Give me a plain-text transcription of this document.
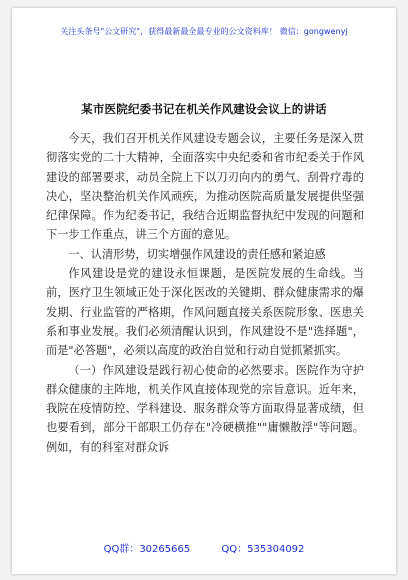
关注头条号"公文研究"，获得最新最全最专业的公文资料库！ 微信：gongwenyj
某市医院纪委书记在机关作风建设会议上的讲话

今天，我们召开机关作风建设专题会议，主要任务是深入贯彻落实党的二十大精神，全面落实中央纪委和省市纪委关于作风建设的部署要求，动员全院上下以刀刃向内的勇气、刮骨疗毒的决心，坚决整治机关作风顽疾，为推动医院高质量发展提供坚强纪律保障。作为纪委书记，我结合近期监督执纪中发现的问题和下一步工作重点，讲三个方面的意见。

一、认清形势，切实增强作风建设的责任感和紧迫感

作风建设是党的建设永恒课题，是医院发展的生命线。当前，医疗卫生领域正处于深化医改的关键期、群众健康需求的爆发期、行业监管的严格期，作风问题直接关系医院形象、医患关系和事业发展。我们必须清醒认识到，作风建设不是"选择题"，而是"必答题"，必须以高度的政治自觉和行动自觉抓紧抓实。

（一）作风建设是践行初心使命的必然要求。医院作为守护群众健康的主阵地，机关作风直接体现党的宗旨意识。近年来，我院在疫情防控、学科建设、服务群众等方面取得显著成绩，但也要看到，部分干部职工仍存在"冷硬横推""庸懒散浮"等问题。例如，有的科室对群众诉

QQ群：30265665	QQ：535304092
